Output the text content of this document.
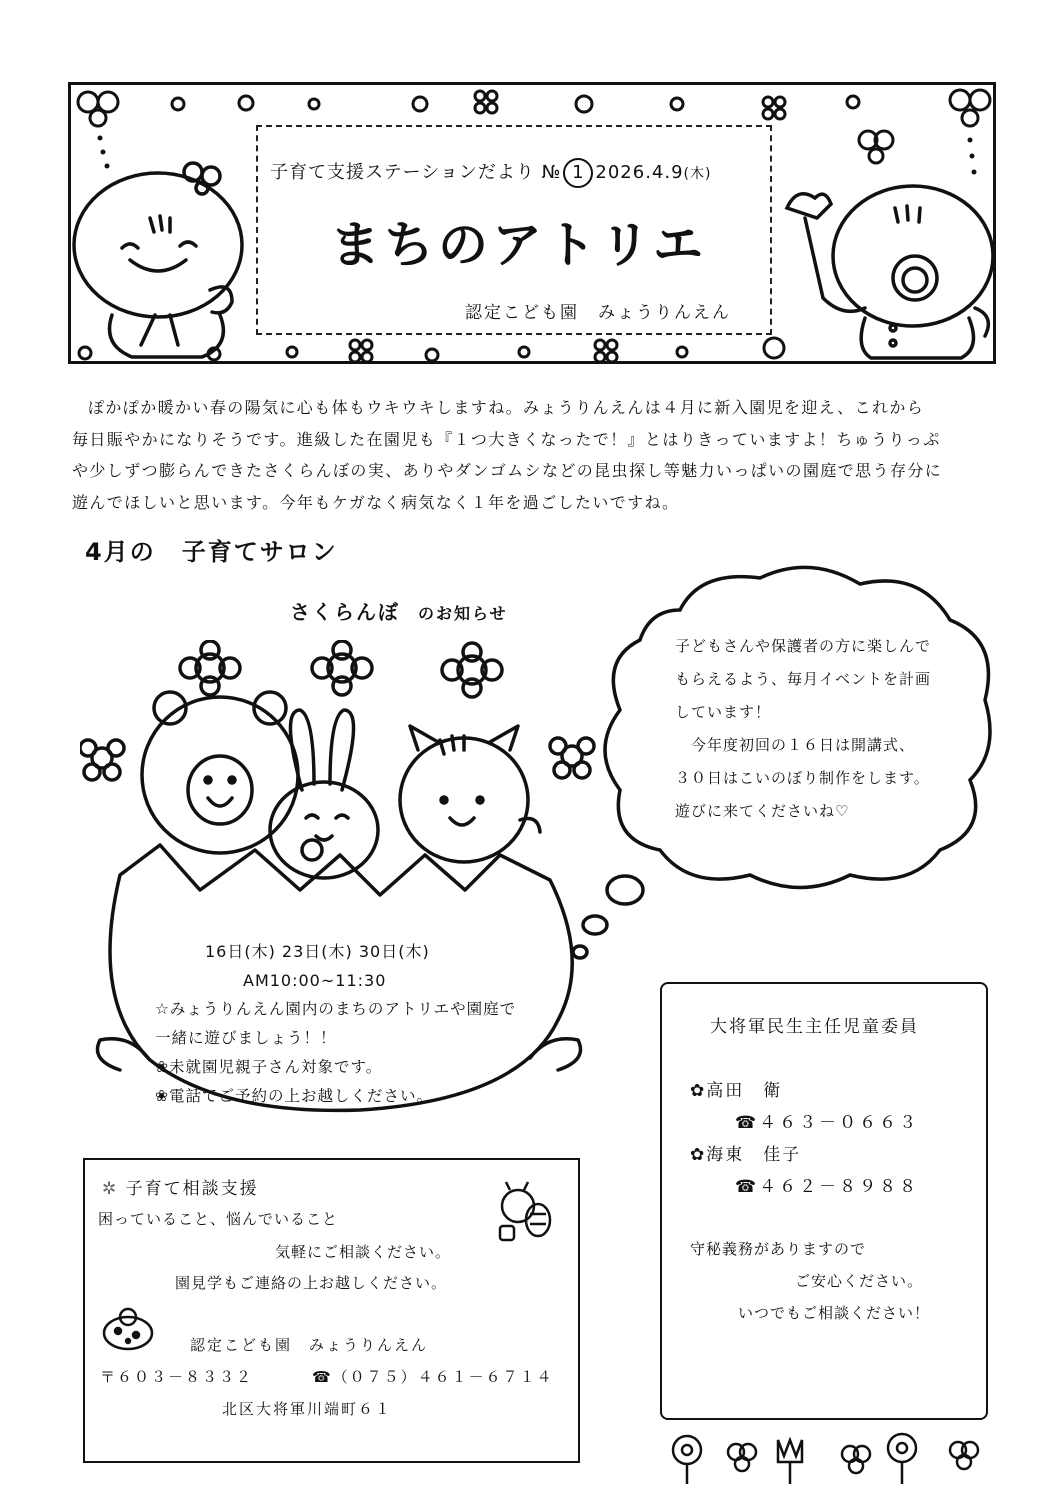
子育て支援ステーションだより № 1 2026.4.9(木)
まちのアトリエ
認定こども園　みょうりんえん

ぽかぽか暖かい春の陽気に心も体もウキウキしますね。みょうりんえんは４月に新入園児を迎え、これから

毎日賑やかになりそうです。進級した在園児も『１つ大きくなったで！』とはりきっていますよ！ちゅうりっぷ

や少しずつ膨らんできたさくらんぼの実、ありやダンゴムシなどの昆虫探し等魅力いっぱいの園庭で思う存分に

遊んでほしいと思います。今年もケガなく病気なく１年を過ごしたいですね。

4月の　子育てサロン
さくらんぼ のお知らせ
子どもさんや保護者の方に楽しんで
もらえるよう、毎月イベントを計画
しています！
　今年度初回の１６日は開講式、
３０日はこいのぼり制作をします。
遊びに来てくださいね♡
16日(木) 23日(木) 30日(木)
AM10:00~11:30
☆みょうりんえん園内のまちのアトリエや園庭で
一緒に遊びましょう！！
❀未就園児親子さん対象です。
❀電話でご予約の上お越しください。
✲ 子育て相談支援
困っていること、悩んでいること
気軽にご相談ください。
園見学もご連絡の上お越しください。
認定こども園　みょうりんえん
〒６０３－８３３２	☎（０７５）４６１－６７１４
北区大将軍川端町６１
大将軍民生主任児童委員
✿高田　衛
☎４６３－０６６３
✿海東　佳子
☎４６２－８９８８
守秘義務がありますので
ご安心ください。
いつでもご相談ください！
